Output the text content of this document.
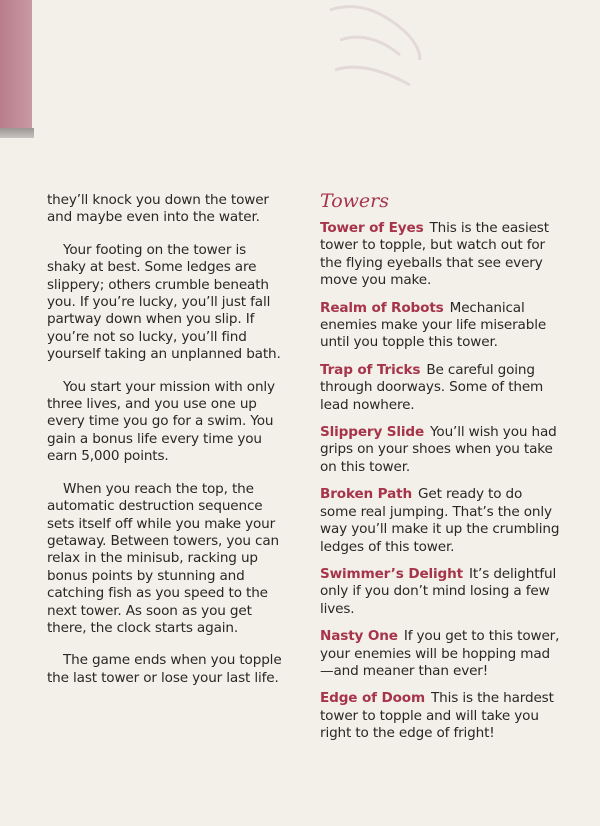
they’ll knock you down the tower and maybe even into the water.

Your footing on the tower is shaky at best. Some ledges are slippery; others crumble beneath you. If you’re lucky, you’ll just fall partway down when you slip. If you’re not so lucky, you’ll find yourself taking an unplanned bath.

You start your mission with only three lives, and you use one up every time you go for a swim. You gain a bonus life every time you earn 5,000 points.

When you reach the top, the automatic destruction sequence sets itself off while you make your getaway. Between towers, you can relax in the minisub, racking up bonus points by stunning and catching fish as you speed to the next tower. As soon as you get there, the clock starts again.

The game ends when you topple the last tower or lose your last life.

Towers

Tower of Eyes This is the easiest tower to topple, but watch out for the flying eyeballs that see every move you make.

Realm of Robots Mechanical enemies make your life miserable until you topple this tower.

Trap of Tricks Be careful going through doorways. Some of them lead nowhere.

Slippery Slide You’ll wish you had grips on your shoes when you take on this tower.

Broken Path Get ready to do some real jumping. That’s the only way you’ll make it up the crumbling ledges of this tower.

Swimmer’s Delight It’s delightful only if you don’t mind losing a few lives.

Nasty One If you get to this tower, your enemies will be hopping mad—and meaner than ever!

Edge of Doom This is the hardest tower to topple and will take you right to the edge of fright!
